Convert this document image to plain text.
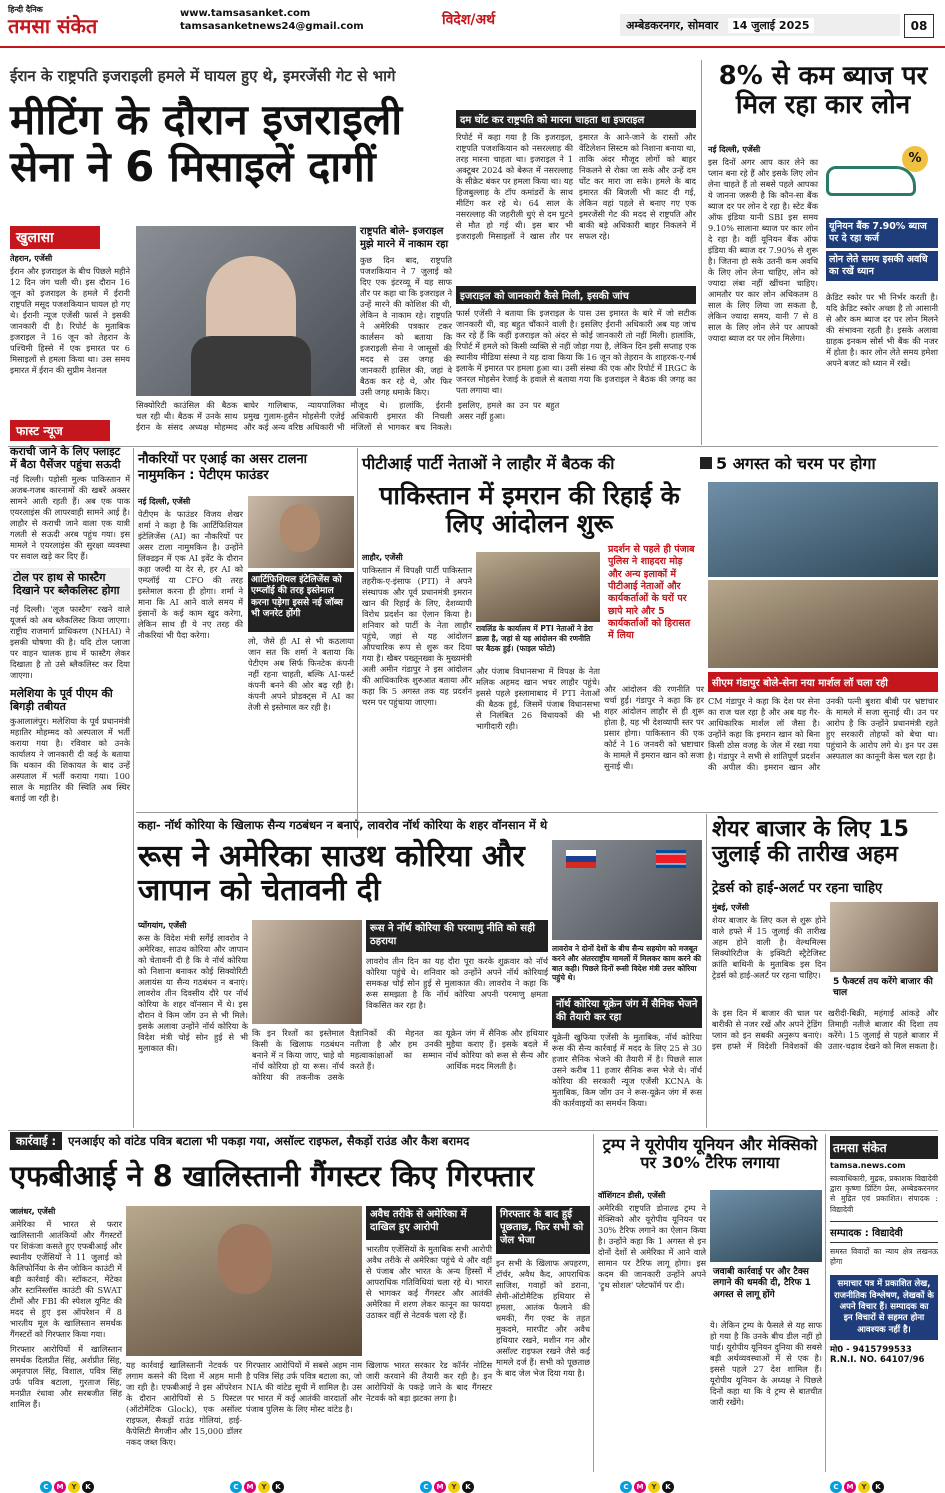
हिन्दी दैनिक
तमसा संकेत
www.tamsasanket.com
tamsasanketnews24@gmail.com	विदेश/अर्थ	अम्बेडकरनगर, सोमवार 14 जुलाई 2025	08
ईरान के राष्ट्रपति इजराइली हमले में घायल हुए थे, इमरजेंसी गेट से भागे
मीटिंग के दौरान इजराइली सेना ने 6 मिसाइलें दागीं
खुलासा
तेहरान, एजेंसी
ईरान और इजराइल के बीच पिछले महीने 12 दिन जंग चली थी। इस दौरान 16 जून को इजराइल के हमले में ईरानी राष्ट्रपति मसूद पजशकियान घायल हो गए थे। ईरानी न्यूज एजेंसी फार्स ने इसकी जानकारी दी है। रिपोर्ट के मुताबिक इजराइल ने 16 जून को तेहरान के पश्चिमी हिस्से में एक इमारत पर 6 मिसाइलों से हमला किया था। उस समय इमारत में ईरान की सुप्रीम नेशनल
राष्ट्रपति बोले- इजराइल मुझे मारने में नाकाम रहा
कुछ दिन बाद, राष्ट्रपति पजशकियान ने 7 जुलाई को दिए एक इंटरव्यू में यह साफ तौर पर कहा था कि इजराइल ने उन्हें मारने की कोशिश की थी, लेकिन वे नाकाम रहे। राष्ट्रपति ने अमेरिकी पत्रकार टकर कार्लसन को बताया कि इजराइली सेना ने जासूसों की मदद से उस जगह की जानकारी हासिल की, जहां वे बैठक कर रहे थे, और फिर उसी जगह धमाके किए।
सिक्योरिटी काउंसिल की बैठक चल रही थी। बैठक में उनके साथ ईरान के संसद अध्यक्ष मोहम्मद बाघेर गालिबाफ, न्यायपालिका प्रमुख गुलाम-हुसैन मोहसेनी एजेई और कई अन्य वरिष्ठ अधिकारी भी मौजूद थे। हालांकि, ईरानी अधिकारी इमारत की निचली मंजिलों से भागकर बच निकले। इसलिए, हमले का उन पर बहुत असर नहीं हुआ।
दम घोंट कर राष्ट्रपति को मारना चाहता था इजराइल
रिपोर्ट में कहा गया है कि इजराइल, राष्ट्रपति पजशकियान को नसरल्लाह की तरह मारना चाहता था। इजराइल ने 1 अक्टूबर 2024 को बेरूत में नसरल्लाह के सीक्रेट बंकर पर हमला किया था। यह हिजबुल्लाह के टॉप कमांडरों के साथ मीटिंग कर रहे थे। 64 साल के नसरल्लाह की जहरीली धुएं से दम घुटने से मौत हो गई थी। इस बार भी इजराइली मिसाइलों ने खास तौर पर इमारत के आने-जाने के रास्तों और वेंटिलेशन सिस्टम को निशाना बनाया था, ताकि अंदर मौजूद लोगों को बाहर निकलने से रोका जा सके और उन्हें दम घोंट कर मारा जा सके। हमले के बाद इमारत की बिजली भी काट दी गई, लेकिन वहां पहले से बनाए गए एक इमरजेंसी गेट की मदद से राष्ट्रपति और बाकी बड़े अधिकारी बाहर निकलने में सफल रहे।
इजराइल को जानकारी कैसे मिली, इसकी जांच
फार्स एजेंसी ने बताया कि इजराइल के पास उस इमारत के बारे में जो सटीक जानकारी थी, वह बहुत चौंकाने वाली है। इसलिए ईरानी अधिकारी अब यह जांच कर रहे हैं कि कहीं इजराइल को अंदर से कोई जानकारी तो नहीं मिली। हालांकि, रिपोर्ट में हमले को किसी व्यक्ति से नहीं जोड़ा गया है, लेकिन दिन इसी सप्ताह एक स्थानीय मीडिया संस्था ने यह दावा किया कि 16 जून को तेहरान के शाहरक-ए-गर्ब इलाके में इमारत पर हमला हुआ था। उसी संस्था की एक और रिपोर्ट में IRGC के जनरल मोहसेन रेजाई के हवाले से बताया गया कि इजराइल ने बैठक की जगह का पता लगाया था।
8% से कम ब्याज पर मिल रहा कार लोन
नई दिल्ली, एजेंसी
इस दिनों अगर आप कार लेने का प्लान बना रहे हैं और इसके लिए लोन लेना चाहते हैं तो सबसे पहले आपका ये जानना जरूरी है कि कौन-सा बैंक ब्याज दर पर लोन दे रहा है। स्टेट बैंक ऑफ इंडिया यानी SBI इस समय 9.10% सालाना ब्याज पर कार लोन दे रहा है। वहीं यूनियन बैंक ऑफ इंडिया की ब्याज दर 7.90% से शुरू है। जितना हो सके उतनी कम अवधि के लिए लोन लेना चाहिए, लोन को ज्यादा लंबा नहीं खींचना चाहिए। आमतौर पर कार लोन अधिकतम 8 साल के लिए लिया जा सकता है, लेकिन ज्यादा समय, यानी 7 से 8 साल के लिए लोन लेने पर आपको ज्यादा ब्याज दर पर लोन मिलेगा।
%
यूनियन बैंक 7.90% ब्याज पर दे रहा कर्ज
लोन लेते समय इसकी अवधि का रखें ध्यान
क्रेडिट स्कोर पर भी निर्भर करती है। यदि क्रेडिट स्कोर अच्छा है तो आसानी से और कम ब्याज दर पर लोन मिलने की संभावना रहती है। इसके अलावा ग्राहक इनकम सोर्स भी बैंक की नजर में होता है। कार लोन लेते समय हमेशा अपने बजट को ध्यान में रखें।
फास्ट न्यूज
कराची जाने के लिए फ्लाइट में बैठा पैसेंजर पहुंचा सऊदी
नई दिल्ली। पड़ोसी मुल्क पाकिस्तान में अजब-गजब कारनामों की खबरें अक्सर सामने आती रहती हैं। अब एक पाक एयरलाइंस की लापरवाही सामने आई है। लाहौर से कराची जाने वाला एक यात्री गलती से सऊदी अरब पहुंच गया। इस मामले ने एयरलाइंस की सुरक्षा व्यवस्था पर सवाल खड़े कर दिए हैं।
टोल पर हाथ से फास्टैग दिखाने पर ब्लैकलिस्ट होगा
नई दिल्ली। 'लूज फास्टैग' रखने वाले यूजर्स को अब ब्लैकलिस्ट किया जाएगा। राष्ट्रीय राजमार्ग प्राधिकरण (NHAI) ने इसकी घोषणा की है। यदि टोल प्लाजा पर वाहन चालक हाथ में फास्टैग लेकर दिखाता है तो उसे ब्लैकलिस्ट कर दिया जाएगा।
मलेशिया के पूर्व पीएम की बिगड़ी तबीयत
कुआलालंपुर। मलेशिया के पूर्व प्रधानमंत्री महातिर मोहम्मद को अस्पताल में भर्ती कराया गया है। रविवार को उनके कार्यालय ने जानकारी दी कई के बताया कि थकान की शिकायत के बाद उन्हें अस्पताल में भर्ती कराया गया। 100 साल के महातिर की स्थिति अब स्थिर बताई जा रही है।
नौकरियों पर एआई का असर टालना नामुमकिन : पेटीएम फाउंडर
नई दिल्ली, एजेंसी
पेटीएम के फाउंडर विजय शेखर शर्मा ने कहा है कि आर्टिफिशियल इंटेलिजेंस (AI) का नौकरियों पर असर टाला नामुमकिन है। उन्होंने लिंक्डइन में एक AI इवेंट के दौरान कहा जल्दी या देर से, हर AI को एम्प्लॉई या CFO की तरह इस्तेमाल करना ही होगा। शर्मा ने माना कि AI आने वाले समय में इंसानों के कई काम खुद करेगा, लेकिन साथ ही ये नए तरह की नौकरियां भी पैदा करेगा।
आर्टिफिशियल इंटेलिजेंस को एम्प्लॉई की तरह इस्तेमाल करना पड़ेगा इससे नई जॉब्स भी जनरेट होंगी
लो, जैसे ही AI से भी कठलाया जान सत कि शर्मा ने बताया कि पेटीएम अब सिर्फ फिनटेक कंपनी नहीं रहना चाहती, बल्कि AI-फर्स्ट कंपनी बनने की ओर बढ़ रही है। कंपनी अपने प्रोडक्ट्स में AI का तेजी से इस्तेमाल कर रही है।
पीटीआई पार्टी नेताओं ने लाहौर में बैठक की	5 अगस्त को चरम पर होगा
पाकिस्तान में इमरान की रिहाई के लिए आंदोलन शुरू
लाहौर, एजेंसी
पाकिस्तान में विपक्षी पार्टी पाकिस्तान तहरीक-ए-इंसाफ (PTI) ने अपने संस्थापक और पूर्व प्रधानमंत्री इमरान खान की रिहाई के लिए, देशव्यापी विरोध प्रदर्शन का ऐलान किया है। शनिवार को पार्टी के नेता लाहौर पहुंचे, जहां से यह आंदोलन औपचारिक रूप से शुरू कर दिया गया है। खैबर पख्तूनख्वा के मुख्यमंत्री अली अमीन गंडापुर ने इस आंदोलन की आधिकारिक शुरुआत बताया और कहा कि 5 अगस्त तक यह प्रदर्शन चरम पर पहुंचाया जाएगा।
रावलिंड के कार्यालय में PTI नेताओं ने डेरा डाला है, जहां से यह आंदोलन की रणनीति पर बैठक हुई। (फाइल फोटो)
प्रदर्शन से पहले ही पंजाब पुलिस ने शाहदरा मोड़ और अन्य इलाकों में पीटीआई नेताओं और कार्यकर्ताओं के घरों पर छापे मारे और 5 कार्यकर्ताओं को हिरासत में लिया
और पंजाब विधानसभा में विपक्ष के नेता मलिक अहमद खान भचर लाहौर पहुंचे। इससे पहले इस्लामाबाद में PTI नेताओं की बैठक हुई, जिसमें पंजाब विधानसभा से निलंबित 26 विधायकों की भी भागीदारी रही।
और आंदोलन की रणनीति पर चर्चा हुई। गंडापुर ने कहा कि हर शहर आंदोलन लाहौर से ही शुरू होता है, यह भी देशव्यापी स्तर पर प्रसार होगा। पाकिस्तान की एक कोर्ट ने 16 जनवरी को भ्रष्टाचार के मामले में इमरान खान को सजा सुनाई थी।
सीएम गंडापुर बोले-सेना नया मार्शल लॉ चला रही
CM गंडापुर ने कहा कि देश पर सेना का राज चल रहा है और अब यह गैर-आधिकारिक मार्शल लॉ जैसा है। उन्होंने कहा कि इमरान खान को बिना किसी ठोस वजह के जेल में रखा गया है। गंडापुर ने सभी से शांतिपूर्ण प्रदर्शन की अपील की। इमरान खान और उनकी पत्नी बुशरा बीबी पर भ्रष्टाचार के मामले में सजा सुनाई थी। उन पर आरोप है कि उन्होंने प्रधानमंत्री रहते हुए सरकारी तोहफों को बेचा था। पहुंचाने के आरोप लगे थे। इन पर उस अस्पताल का कानूनी केस चल रहा है।
कहा- नॉर्थ कोरिया के खिलाफ सैन्य गठबंधन न बनाएं, लावरोव नॉर्थ कोरिया के शहर वॉनसान में थे
रूस ने अमेरिका साउथ कोरिया और जापान को चेतावनी दी
लावरोव ने दोनों देशों के बीच सैन्य सहयोग को मजबूत करने और अंतरराष्ट्रीय मामलों में मिलकर काम करने की बात कही। पिछले दिनों रूसी विदेश मंत्री उत्तर कोरिया पहुंचे थे।
प्योंगयांग, एजेंसी
रूस के विदेश मंत्री सर्गेई लावरोव ने अमेरिका, साउथ कोरिया और जापान को चेतावनी दी है कि वे नॉर्थ कोरिया को निशाना बनाकर कोई सिक्योरिटी अलायंस या सैन्य गठबंधन न बनाएं। लावरोव तीन दिवसीय दौरे पर नॉर्थ कोरिया के शहर वॉनसान में थे। इस दौरान वे किम जोंग उन से भी मिले। इसके अलावा उन्होंने नॉर्थ कोरिया के विदेश मंत्री चोई सोन हुई से भी मुलाकात की।
रूस ने नॉर्थ कोरिया की परमाणु नीति को सही ठहराया
लावरोव तीन दिन का यह दौरा पूरा करके शुक्रवार को नॉर्थ कोरिया पहुंचे थे। शनिवार को उन्होंने अपने नॉर्थ कोरियाई समकक्ष चोई सोन हुई से मुलाकात की। लावरोव ने कहा कि रूस समझता है कि नॉर्थ कोरिया अपनी परमाणु क्षमता विकसित कर रहा है।
कि इन रिश्तों का इस्तेमाल किसी के खिलाफ गठबंधन बनाने में न किया जाए, चाहे वो नॉर्थ कोरिया हो या रूस। नॉर्थ कोरिया की तकनीक उसके वैज्ञानिकों की मेहनत का नतीजा है और हम उनकी महत्वाकांक्षाओं का सम्मान करते हैं।
यूक्रेन जंग में सैनिक और हथियार मुहैया कराए हैं। इसके बदले में नॉर्थ कोरिया को रूस से सैन्य और आर्थिक मदद मिलती है।
नॉर्थ कोरिया यूक्रेन जंग में सैनिक भेजने की तैयारी कर रहा
यूक्रेनी खुफिया एजेंसी के मुताबिक, नॉर्थ कोरिया रूस की सैन्य कार्रवाई में मदद के लिए 25 से 30 हजार सैनिक भेजने की तैयारी में है। पिछले साल उसने करीब 11 हजार सैनिक रूस भेजे थे। नॉर्थ कोरिया की सरकारी न्यूज एजेंसी KCNA के मुताबिक, किम जोंग उन ने रूस-यूक्रेन जंग में रूस की कार्रवाइयों का समर्थन किया।
शेयर बाजार के लिए 15 जुलाई की तारीख अहम
ट्रेडर्स को हाई-अलर्ट पर रहना चाहिए
मुंबई, एजेंसी
शेयर बाजार के लिए कल से शुरू होने वाले हफ्ते में 15 जुलाई की तारीख अहम होने वाली है। वेल्थमिल्स सिक्योरिटीज के इक्विटी स्ट्रैटेजिस्ट क्रांति बाथिनी के मुताबिक इस दिन ट्रेडर्स को हाई-अलर्ट पर रहना चाहिए।
5 फैक्टर्स तय करेंगे बाजार की चाल
के इस दिन में बाजार की चाल पर बारीकी से नजर रखें और अपने ट्रेडिंग प्लान को इन सबकी अनुरूप बनाएं। इस हफ्ते में विदेशी निवेशकों की खरीदी-बिक्री, महंगाई आंकड़े और तिमाही नतीजे बाजार की दिशा तय करेंगे। 15 जुलाई से पहले बाजार में उतार-चढ़ाव देखने को मिल सकता है।
कार्रवाई : एनआईए को वांटेड पवित्र बटाला भी पकड़ा गया, असॉल्ट राइफल, सैकड़ों राउंड और कैश बरामद
एफबीआई ने 8 खालिस्तानी गैंगस्टर किए गिरफ्तार
जालंधर, एजेंसी
अमेरिका में भारत से फरार खालिस्तानी आतंकियों और गैंगस्टरों पर शिकंजा कसते हुए एफबीआई और स्थानीय एजेंसियों ने 11 जुलाई को कैलिफोर्निया के सैन जोकिन काउंटी में बड़ी कार्रवाई की। स्टॉकटन, मेंटेका और स्टानिस्लॉस काउंटी की SWAT टीमों और FBI की स्पेशल यूनिट की मदद से हुए इस ऑपरेशन में 8 भारतीय मूल के खालिस्तान समर्थक गैंगस्टरों को गिरफ्तार किया गया।
गिरफ्तार आरोपियों में खालिस्तान समर्थक दिलप्रीत सिंह, अर्शप्रीत सिंह, अमृतपाल सिंह, विशाल, पवित्र सिंह उर्फ पवित्र बटाला, गुरताज सिंह, मनप्रीत रंधावा और सरबजीत सिंह शामिल हैं।
यह कार्रवाई खालिस्तानी नेटवर्क पर लगाम कसने की दिशा में अहम मानी जा रही है। एफबीआई ने इस ऑपरेशन के दौरान आरोपियों से 5 पिस्टल (ऑटोमेटिक Glock), एक असॉल्ट राइफल, सैकड़ों राउंड गोलियां, हाई-कैपेसिटी मैगजीन और 15,000 डॉलर नकद जब्त किए।
गिरफ्तार आरोपियों में सबसे अहम नाम है पवित्र सिंह उर्फ पवित्र बटाला का, जो NIA की वांटेड सूची में शामिल है। उस पर भारत में कई आतंकी वारदातों और पंजाब पुलिस के लिए मोस्ट वांटेड है।
अवैध तरीके से अमेरिका में दाखिल हुए आरोपी
भारतीय एजेंसियों के मुताबिक सभी आरोपी अवैध तरीके से अमेरिका पहुंचे थे और वहीं से पंजाब और भारत के अन्य हिस्सों में आपराधिक गतिविधियां चला रहे थे। भारत से भागकर कई गैंगस्टर और आतंकी अमेरिका में शरण लेकर कानून का फायदा उठाकर वहीं से नेटवर्क चला रहे हैं।
खिलाफ भारत सरकार रेड कॉर्नर नोटिस जारी करवाने की तैयारी कर रही है। इन आरोपियों के पकड़े जाने के बाद गैंगस्टर नेटवर्क को बड़ा झटका लगा है।
गिरफ्तार के बाद हुई पूछताछ, फिर सभी को जेल भेजा
इन सभी के खिलाफ अपहरण, टॉर्चर, अवैध कैद, आपराधिक साजिश, गवाहों को डराना, सेमी-ऑटोमैटिक हथियार से हमला, आतंक फैलाने की धमकी, गैंग एक्ट के तहत मुकदमे, मारपीट और अवैध हथियार रखने, मशीन गन और असॉल्ट राइफल रखने जैसे कई मामले दर्ज हैं। सभी को पूछताछ के बाद जेल भेज दिया गया है।
ट्रम्प ने यूरोपीय यूनियन और मेक्सिको पर 30% टैरिफ लगाया
वॉशिंगटन डीसी, एजेंसी
अमेरिकी राष्ट्रपति डोनाल्ड ट्रम्प ने मेक्सिको और यूरोपीय यूनियन पर 30% टैरिफ लगाने का ऐलान किया है। उन्होंने कहा कि 1 अगस्त से इन दोनों देशों से अमेरिका में आने वाले सामान पर टैरिफ लागू होगा। इस कदम की जानकारी उन्होंने अपने 'ट्रुथ सोशल' प्लेटफॉर्म पर दी।
जवाबी कार्रवाई पर और टैक्स लगाने की धमकी दी, टैरिफ 1 अगस्त से लागू होंगे
ये। लेकिन ट्रम्प के फैसले से यह साफ हो गया है कि उनके बीच डील नहीं हो पाई। यूरोपीय यूनियन दुनिया की सबसे बड़ी अर्थव्यवस्थाओं में से एक है। इससे पहले 27 देश शामिल हैं। यूरोपीय यूनियन के अध्यक्ष ने पिछले दिनों कहा था कि वे ट्रम्प से बातचीत जारी रखेंगे।
तमसा संकेत
tamsa.news.com
स्वत्वाधिकारी, मुद्रक, प्रकाशक विद्यादेवी द्वारा कृष्णा प्रिंटिंग प्रेस, अम्बेडकरनगर से मुद्रित एवं प्रकाशित। संपादक : विद्यादेवी
सम्पादक : विद्यादेवी
समस्त विवादों का न्याय क्षेत्र लखनऊ होगा
समाचार पत्र में प्रकाशित लेख, राजनीतिक विश्लेषण, लेखकों के अपने विचार हैं। सम्पादक का इन विचारों से सहमत होना आवश्यक नहीं है।
मो0 - 9415799533
R.N.I. NO. 64107/96
C M Y K	C M Y K	C M Y K	C M Y K	C M Y K
